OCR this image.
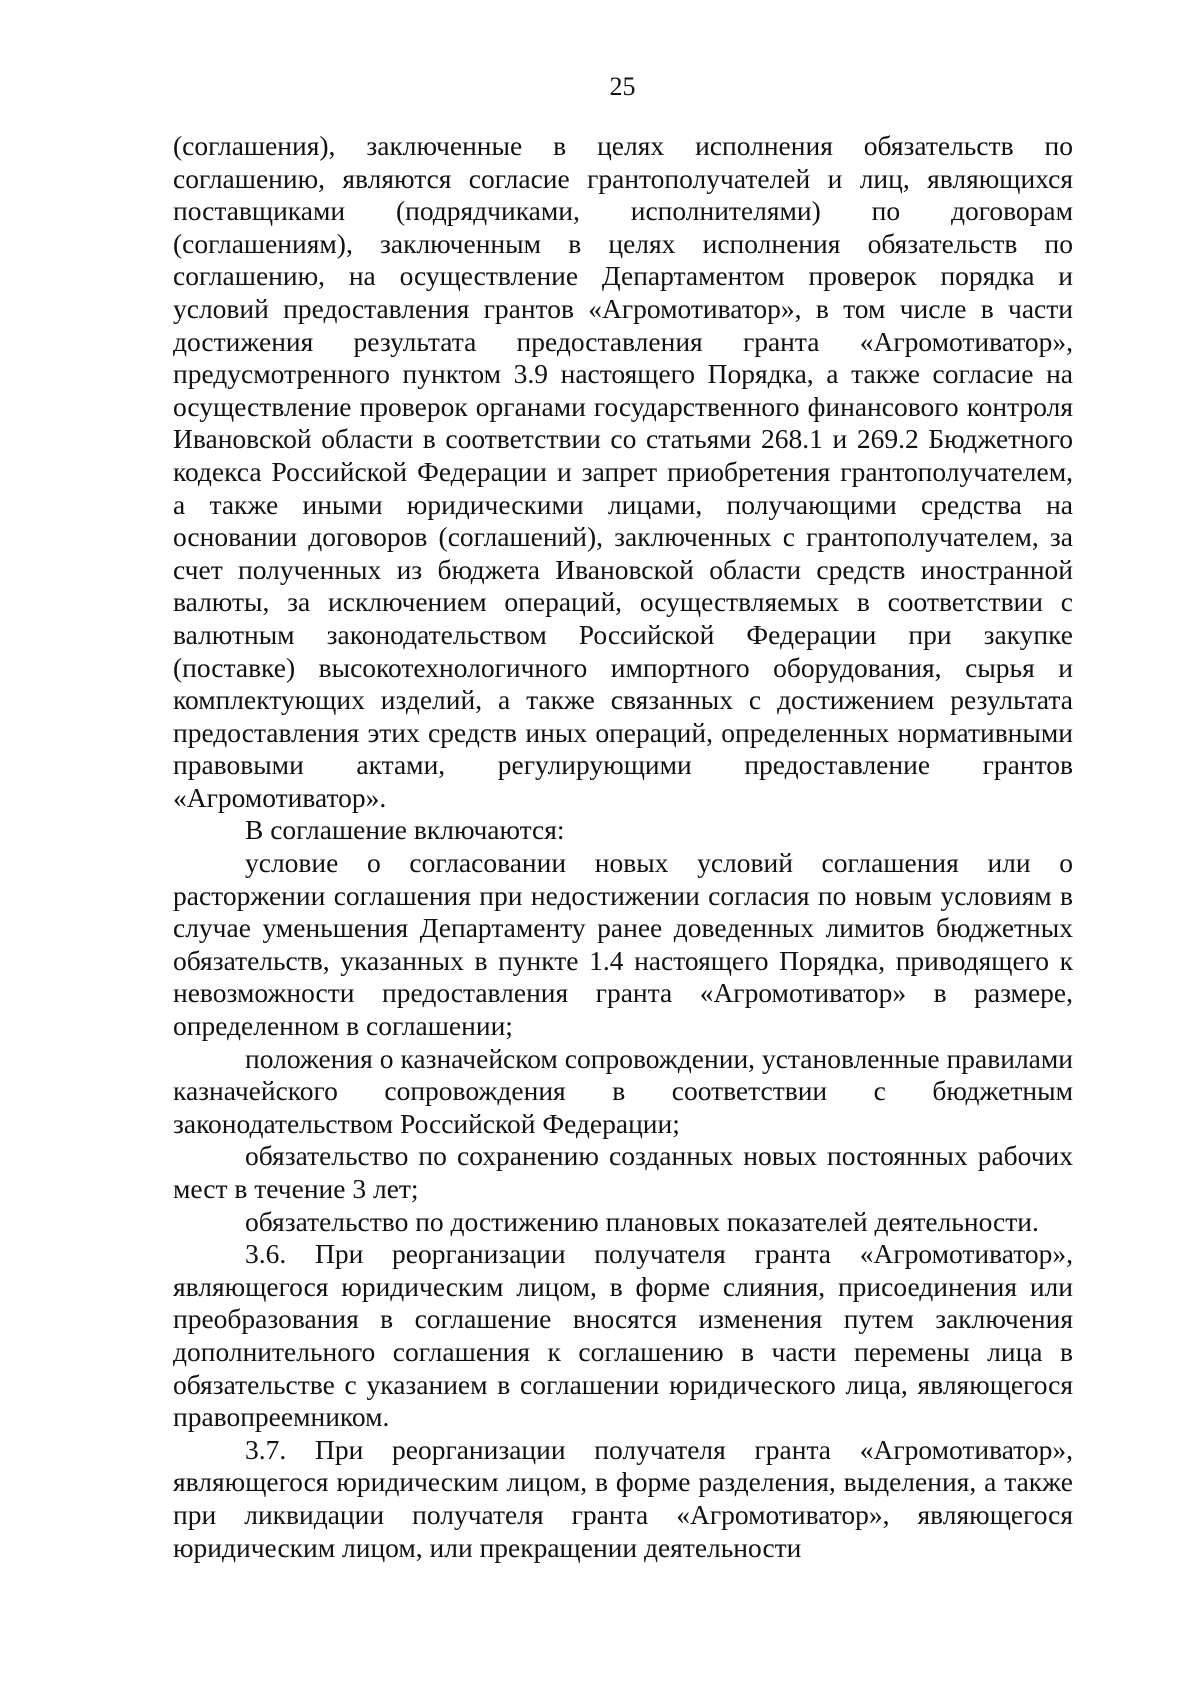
25

(соглашения), заключенные в целях исполнения обязательств по соглашению, являются согласие грантополучателей и лиц, являющихся поставщиками (подрядчиками, исполнителями) по договорам (соглашениям), заключенным в целях исполнения обязательств по соглашению, на осуществление Департаментом проверок порядка и условий предоставления грантов «Агромотиватор», в том числе в части достижения результата предоставления гранта «Агромотиватор», предусмотренного пунктом 3.9 настоящего Порядка, а также согласие на осуществление проверок органами государственного финансового контроля Ивановской области в соответствии со статьями 268.1 и 269.2 Бюджетного кодекса Российской Федерации и запрет приобретения грантополучателем, а также иными юридическими лицами, получающими средства на основании договоров (соглашений), заключенных с грантополучателем, за счет полученных из бюджета Ивановской области средств иностранной валюты, за исключением операций, осуществляемых в соответствии с валютным законодательством Российской Федерации при закупке (поставке) высокотехнологичного импортного оборудования, сырья и комплектующих изделий, а также связанных с достижением результата предоставления этих средств иных операций, определенных нормативными правовыми актами, регулирующими предоставление грантов «Агромотиватор».

В соглашение включаются:

условие о согласовании новых условий соглашения или о расторжении соглашения при недостижении согласия по новым условиям в случае уменьшения Департаменту ранее доведенных лимитов бюджетных обязательств, указанных в пункте 1.4 настоящего Порядка, приводящего к невозможности предоставления гранта «Агромотиватор» в размере, определенном в соглашении;

положения о казначейском сопровождении, установленные правилами казначейского сопровождения в соответствии с бюджетным законодательством Российской Федерации;

обязательство по сохранению созданных новых постоянных рабочих мест в течение 3 лет;

обязательство по достижению плановых показателей деятельности.

3.6. При реорганизации получателя гранта «Агромотиватор», являющегося юридическим лицом, в форме слияния, присоединения или преобразования в соглашение вносятся изменения путем заключения дополнительного соглашения к соглашению в части перемены лица в обязательстве с указанием в соглашении юридического лица, являющегося правопреемником.

3.7. При реорганизации получателя гранта «Агромотиватор», являющегося юридическим лицом, в форме разделения, выделения, а также при ликвидации получателя гранта «Агромотиватор», являющегося юридическим лицом, или прекращении деятельности
